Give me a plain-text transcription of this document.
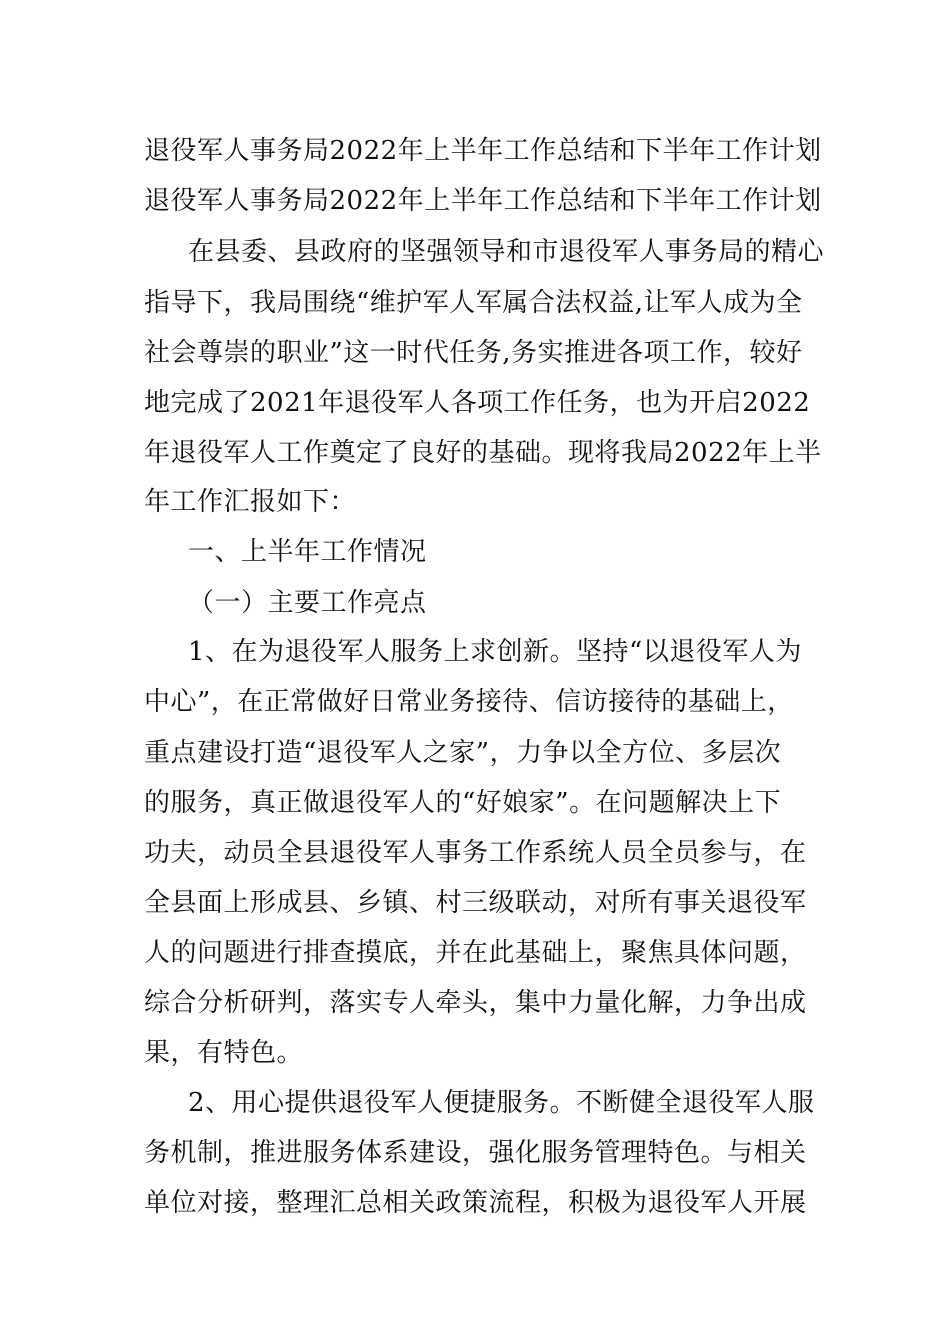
退役军人事务局2022年上半年工作总结和下半年工作计划
退役军人事务局2022年上半年工作总结和下半年工作计划
在县委、县政府的坚强领导和市退役军人事务局的精心
指导下，我局围绕“维护军人军属合法权益,让军人成为全
社会尊崇的职业”这一时代任务,务实推进各项工作，较好
地完成了2021年退役军人各项工作任务，也为开启2022
年退役军人工作奠定了良好的基础。现将我局2022年上半
年工作汇报如下：
一、上半年工作情况
（一）主要工作亮点
1、在为退役军人服务上求创新。坚持“以退役军人为
中心”，在正常做好日常业务接待、信访接待的基础上，
重点建设打造“退役军人之家”，力争以全方位、多层次
的服务，真正做退役军人的“好娘家”。在问题解决上下
功夫，动员全县退役军人事务工作系统人员全员参与，在
全县面上形成县、乡镇、村三级联动，对所有事关退役军
人的问题进行排查摸底，并在此基础上，聚焦具体问题，
综合分析研判，落实专人牵头，集中力量化解，力争出成
果，有特色。
2、用心提供退役军人便捷服务。不断健全退役军人服
务机制，推进服务体系建设，强化服务管理特色。与相关
单位对接，整理汇总相关政策流程，积极为退役军人开展
